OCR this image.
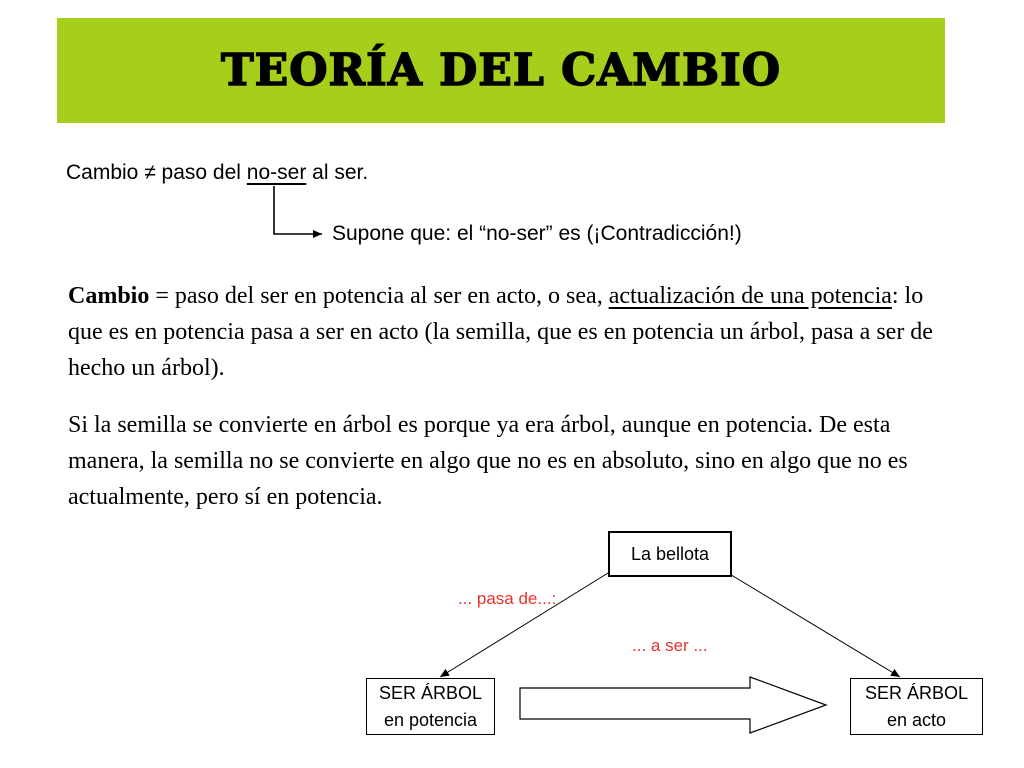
TEORÍA DEL CAMBIO
Cambio ≠ paso del no-ser al ser.
Supone que: el “no-ser” es (¡Contradicción!)
Cambio = paso del ser en potencia al ser en acto, o sea, actualización de una potencia: lo que es en potencia pasa a ser en acto (la semilla, que es en potencia un árbol, pasa a ser de hecho un árbol).
Si la semilla se convierte en árbol es porque ya era árbol, aunque en potencia. De esta manera, la semilla no se convierte en algo que no es en absoluto, sino en algo que no es actualmente, pero sí en potencia.
La bellota
SER ÁRBOL
en potencia
SER ÁRBOL
en acto
... pasa de...:
... a ser ...
